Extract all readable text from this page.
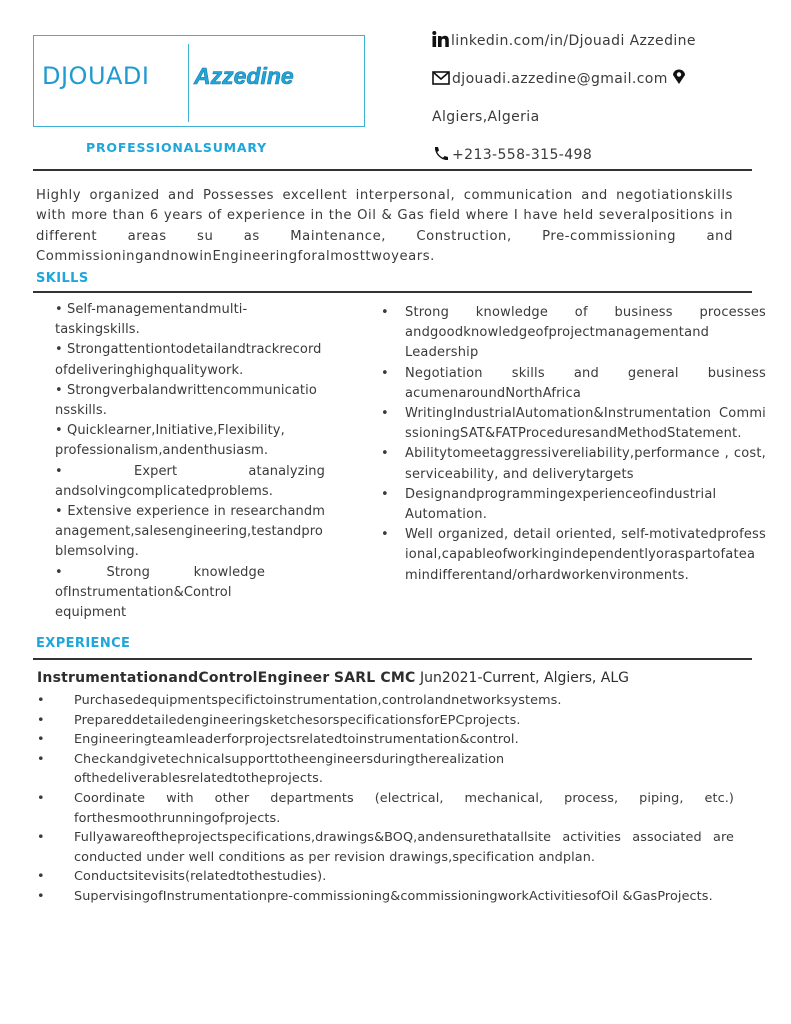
DJOUADI Azzedine
PROFESSIONALSUMARY
linkedin.com/in/Djouadi Azzedine
djouadi.azzedine@gmail.com
Algiers,Algeria
+213-558-315-498
Highly organized and Possesses excellent interpersonal, communication and negotiationskills with more than 6 years of experience in the Oil & Gas field where I have held severalpositions in different areas su as Maintenance, Construction, Pre-commissioning and CommissioningandnowinEngineeringforalmosttwoyears.
SKILLS
• Self-managementandmulti-taskingskills.
• Strongattentiontodetailandtrackrecordofdeliveringhighqualitywork.
• Strongverbalandwrittencommunicationsskills.
• Quicklearner,Initiative,Flexibility, professionalism,andenthusiasm.
• Expert atanalyzing andsolvingcomplicatedproblems.
• Extensive experience in researchandmanagement,salesengineering,testandproblemsolving.
• Strong knowledge ofInstrumentation&Control equipment
• Strong knowledge of business processes andgoodknowledgeofprojectmanagementand Leadership
• Negotiation skills and general business acumenaroundNorthAfrica
• WritingIndustrialAutomation&Instrumentation CommissioningSAT&FATProceduresandMethodStatement.
• Abilitytomeetaggressivereliability,performance , cost, serviceability, and deliverytargets
• Designandprogrammingexperienceofindustrial Automation.
• Well organized, detail oriented, self-motivatedprofessional,capableofworkingindependentlyoraspartofateamindifferentand/orhardworkenvironments.
EXPERIENCE
InstrumentationandControlEngineer SARL CMC Jun2021-Current, Algiers, ALG
• Purchasedequipmentspecifictoinstrumentation,controlandnetworksystems.
• PrepareddetailedengineeringsketchesorspecificationsforEPCprojects.
• Engineeringteamleaderforprojectsrelatedtoinstrumentation&control.
• Checkandgivetechnicalsupporttotheengineersduringtherealization ofthedeliverablesrelatedtotheprojects.
• Coordinate with other departments (electrical, mechanical, process, piping, etc.) forthesmoothrunningofprojects.
• Fullyawareoftheprojectspecifications,drawings&BOQ,andensurethatallsite activities associated are conducted under well conditions as per revision drawings,specification andplan.
• Conductsitevisits(relatedtothestudies).
• SupervisingofInstrumentationpre-commissioning&commissioningworkActivitiesofOil &GasProjects.
